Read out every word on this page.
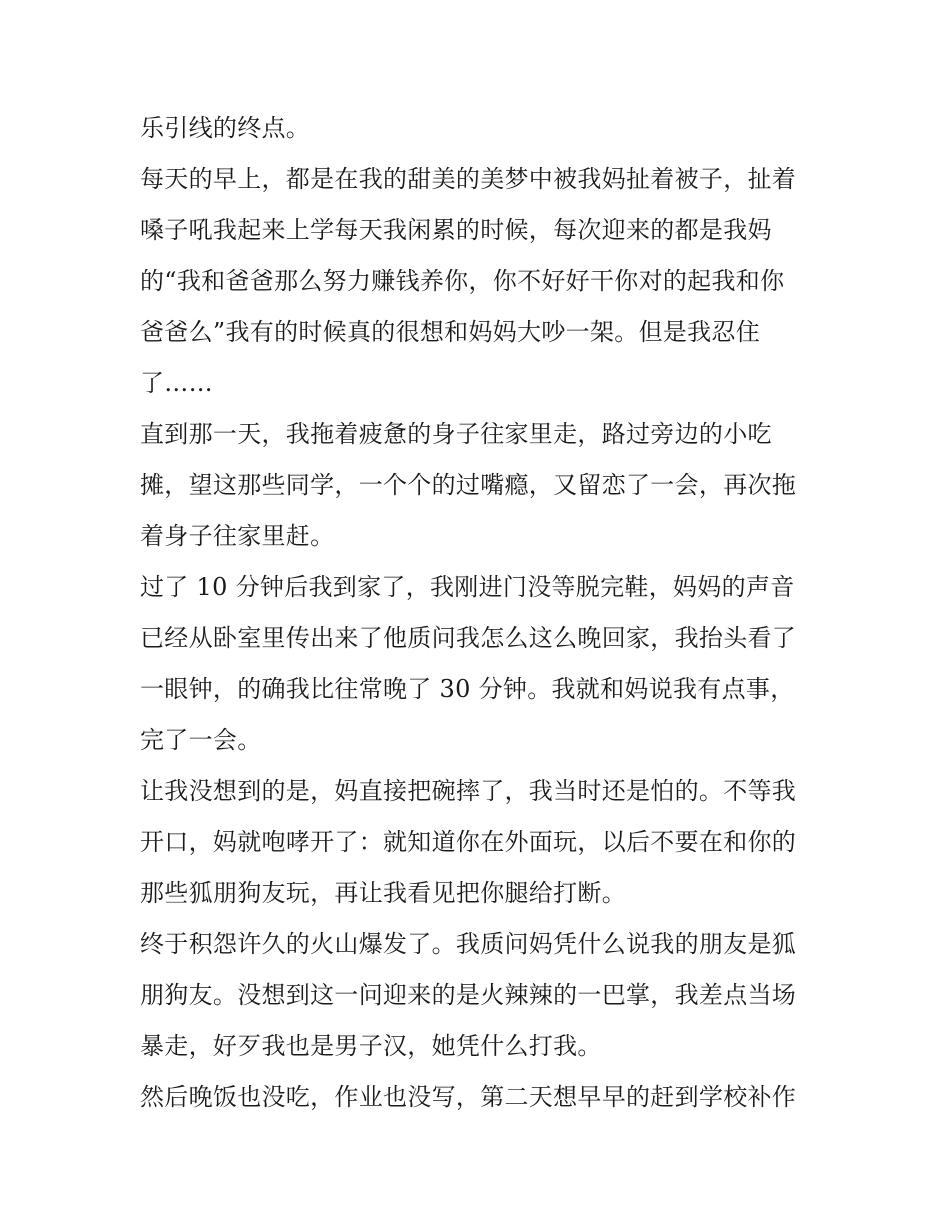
乐引线的终点。
每天的早上，都是在我的甜美的美梦中被我妈扯着被子，扯着
嗓子吼我起来上学每天我闲累的时候，每次迎来的都是我妈
的“我和爸爸那么努力赚钱养你，你不好好干你对的起我和你
爸爸么”我有的时候真的很想和妈妈大吵一架。但是我忍住
了……
直到那一天，我拖着疲惫的身子往家里走，路过旁边的小吃
摊，望这那些同学，一个个的过嘴瘾，又留恋了一会，再次拖
着身子往家里赶。
过了 10 分钟后我到家了，我刚进门没等脱完鞋，妈妈的声音
已经从卧室里传出来了他质问我怎么这么晚回家，我抬头看了
一眼钟，的确我比往常晚了 30 分钟。我就和妈说我有点事，
完了一会。
让我没想到的是，妈直接把碗摔了，我当时还是怕的。不等我
开口，妈就咆哮开了：就知道你在外面玩，以后不要在和你的
那些狐朋狗友玩，再让我看见把你腿给打断。
终于积怨许久的火山爆发了。我质问妈凭什么说我的朋友是狐
朋狗友。没想到这一问迎来的是火辣辣的一巴掌，我差点当场
暴走，好歹我也是男子汉，她凭什么打我。
然后晚饭也没吃，作业也没写，第二天想早早的赶到学校补作
